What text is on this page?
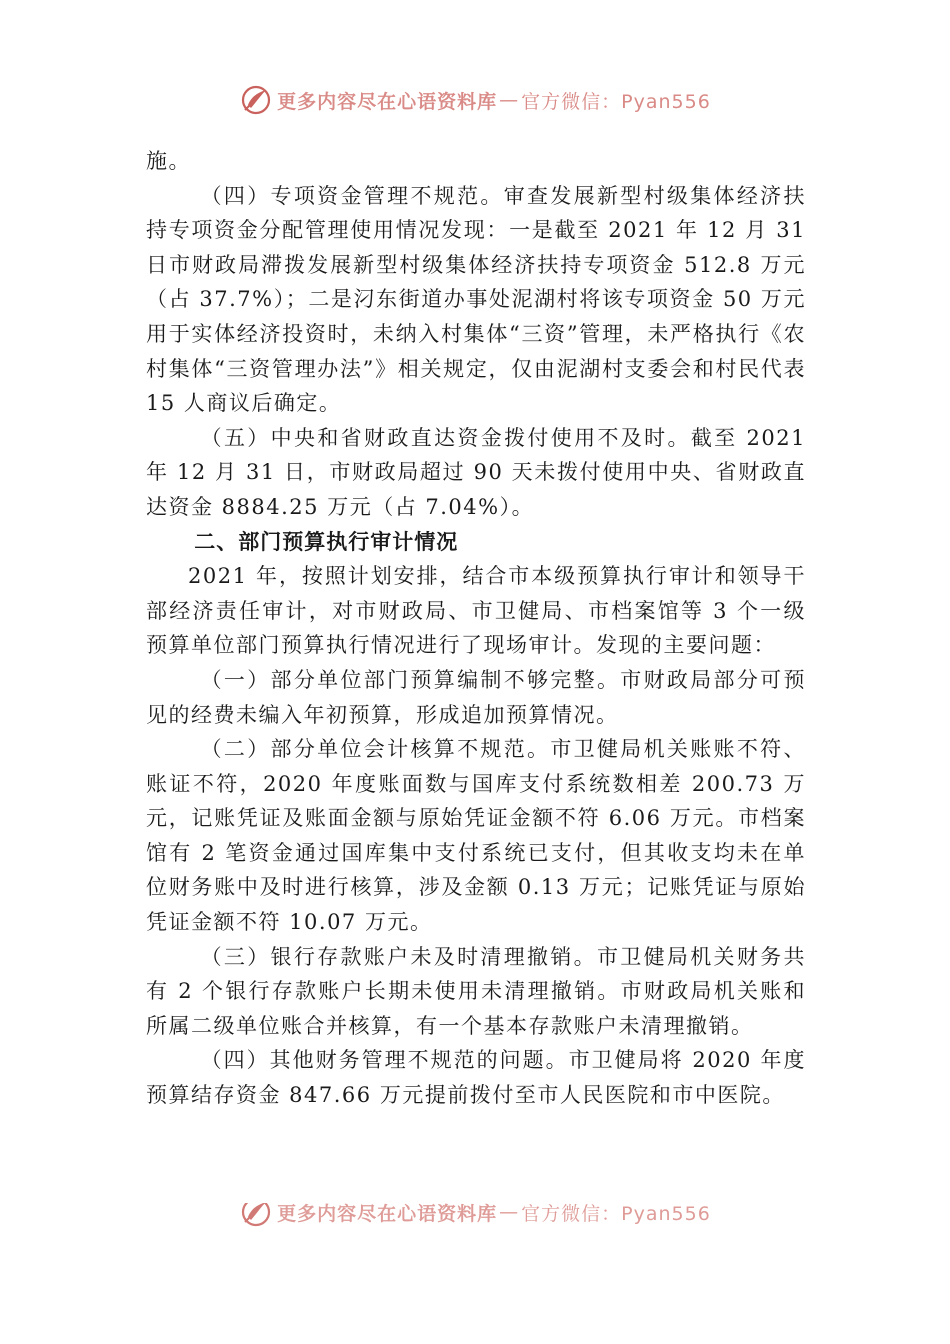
更多内容尽在心语资料库 — 官方微信：Pyan556

施。

（四）专项资金管理不规范。审查发展新型村级集体经济扶持专项资金分配管理使用情况发现：一是截至 2021 年 12 月 31 日市财政局滞拨发展新型村级集体经济扶持专项资金 512.8 万元（占 37.7%）；二是汈东街道办事处泥湖村将该专项资金 50 万元用于实体经济投资时，未纳入村集体“三资”管理，未严格执行《农村集体“三资管理办法”》相关规定，仅由泥湖村支委会和村民代表 15 人商议后确定。

（五）中央和省财政直达资金拨付使用不及时。截至 2021 年 12 月 31 日，市财政局超过 90 天未拨付使用中央、省财政直达资金 8884.25 万元（占 7.04%）。

二、部门预算执行审计情况

2021 年，按照计划安排，结合市本级预算执行审计和领导干部经济责任审计，对市财政局、市卫健局、市档案馆等 3 个一级预算单位部门预算执行情况进行了现场审计。发现的主要问题：

（一）部分单位部门预算编制不够完整。市财政局部分可预见的经费未编入年初预算，形成追加预算情况。

（二）部分单位会计核算不规范。市卫健局机关账账不符、账证不符，2020 年度账面数与国库支付系统数相差 200.73 万元，记账凭证及账面金额与原始凭证金额不符 6.06 万元。市档案馆有 2 笔资金通过国库集中支付系统已支付，但其收支均未在单位财务账中及时进行核算，涉及金额 0.13 万元；记账凭证与原始凭证金额不符 10.07 万元。

（三）银行存款账户未及时清理撤销。市卫健局机关财务共有 2 个银行存款账户长期未使用未清理撤销。市财政局机关账和所属二级单位账合并核算，有一个基本存款账户未清理撤销。

（四）其他财务管理不规范的问题。市卫健局将 2020 年度预算结存资金 847.66 万元提前拨付至市人民医院和市中医院。

更多内容尽在心语资料库 — 官方微信：Pyan556
